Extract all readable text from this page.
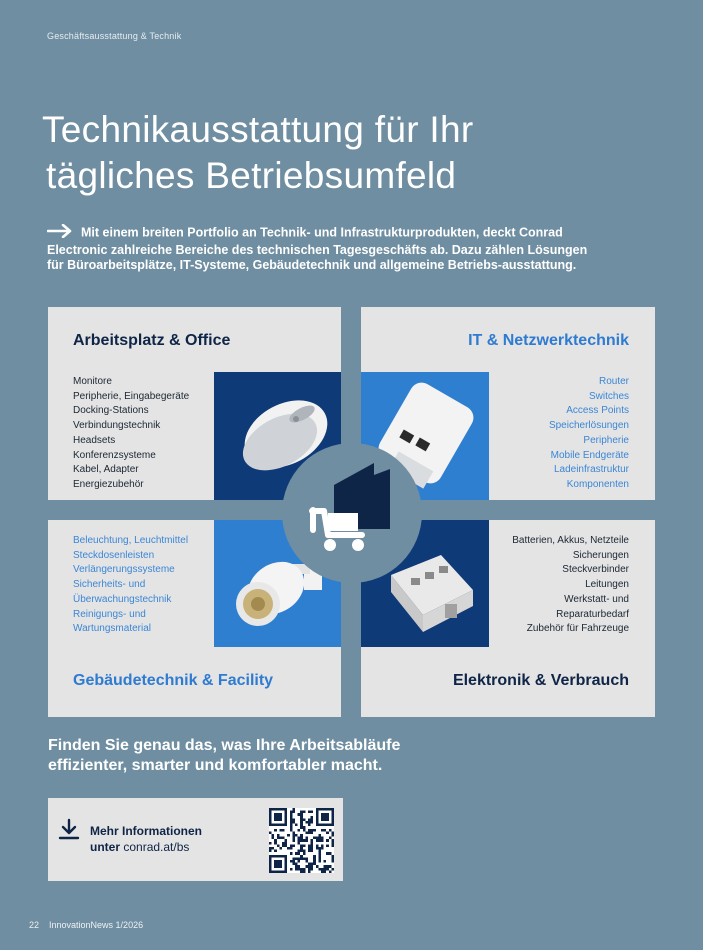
Geschäftsausstattung & Technik
Technikausstattung für Ihr
tägliches Betriebsumfeld
Mit einem breiten Portfolio an Technik- und Infrastrukturprodukten, deckt Conrad Electronic zahlreiche Bereiche des technischen Tagesgeschäfts ab. Dazu zählen Lösungen für Büroarbeitsplätze, IT-Systeme, Gebäudetechnik und allgemeine Betriebs-ausstattung.
Arbeitsplatz & Office
Monitore
Peripherie, Eingabegeräte
Docking-Stations
Verbindungstechnik
Headsets
Konferenzsysteme
Kabel, Adapter
Energiezubehör
IT & Netzwerktechnik
Router
Switches
Access Points
Speicherlösungen
Peripherie
Mobile Endgeräte
Ladeinfrastruktur
Komponenten
Beleuchtung, Leuchtmittel
Steckdosenleisten
Verlängerungssysteme
Sicherheits- und
Überwachungstechnik
Reinigungs- und
Wartungsmaterial
Gebäudetechnik & Facility
Batterien, Akkus, Netzteile
Sicherungen
Steckverbinder
Leitungen
Werkstatt- und
Reparaturbedarf
Zubehör für Fahrzeuge
Elektronik & Verbrauch
Finden Sie genau das, was Ihre Arbeitsabläufe
effizienter, smarter und komfortabler macht.
Mehr Informationen
unter conrad.at/bs
22 InnovationNews 1/2026
